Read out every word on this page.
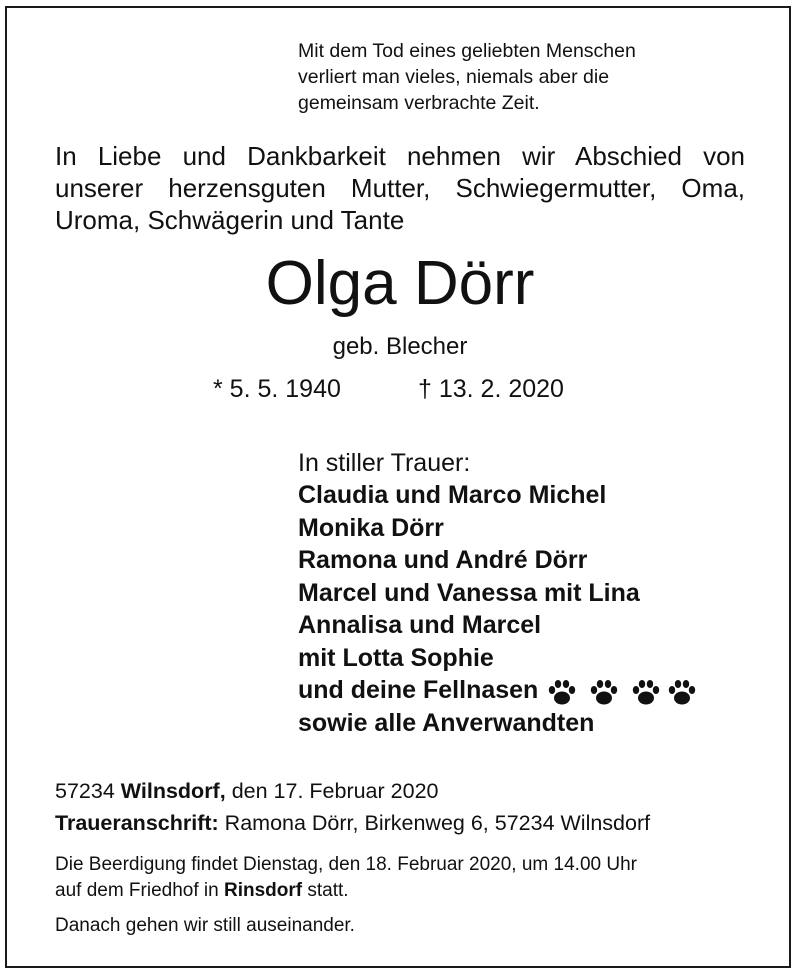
Mit dem Tod eines geliebten Menschen
verliert man vieles, niemals aber die
gemeinsam verbrachte Zeit.
In Liebe und Dankbarkeit nehmen wir Abschied von
unserer herzensguten Mutter, Schwiegermutter, Oma,
Uroma, Schwägerin und Tante
Olga Dörr
geb. Blecher
* 5. 5. 1940	† 13. 2. 2020
In stiller Trauer:
Claudia und Marco Michel
Monika Dörr
Ramona und André Dörr
Marcel und Vanessa mit Lina
Annalisa und Marcel
mit Lotta Sophie
und deine Fellnasen
sowie alle Anverwandten
57234 Wilnsdorf, den 17. Februar 2020
Traueranschrift: Ramona Dörr, Birkenweg 6, 57234 Wilnsdorf
Die Beerdigung findet Dienstag, den 18. Februar 2020, um 14.00 Uhr
auf dem Friedhof in Rinsdorf statt.
Danach gehen wir still auseinander.
